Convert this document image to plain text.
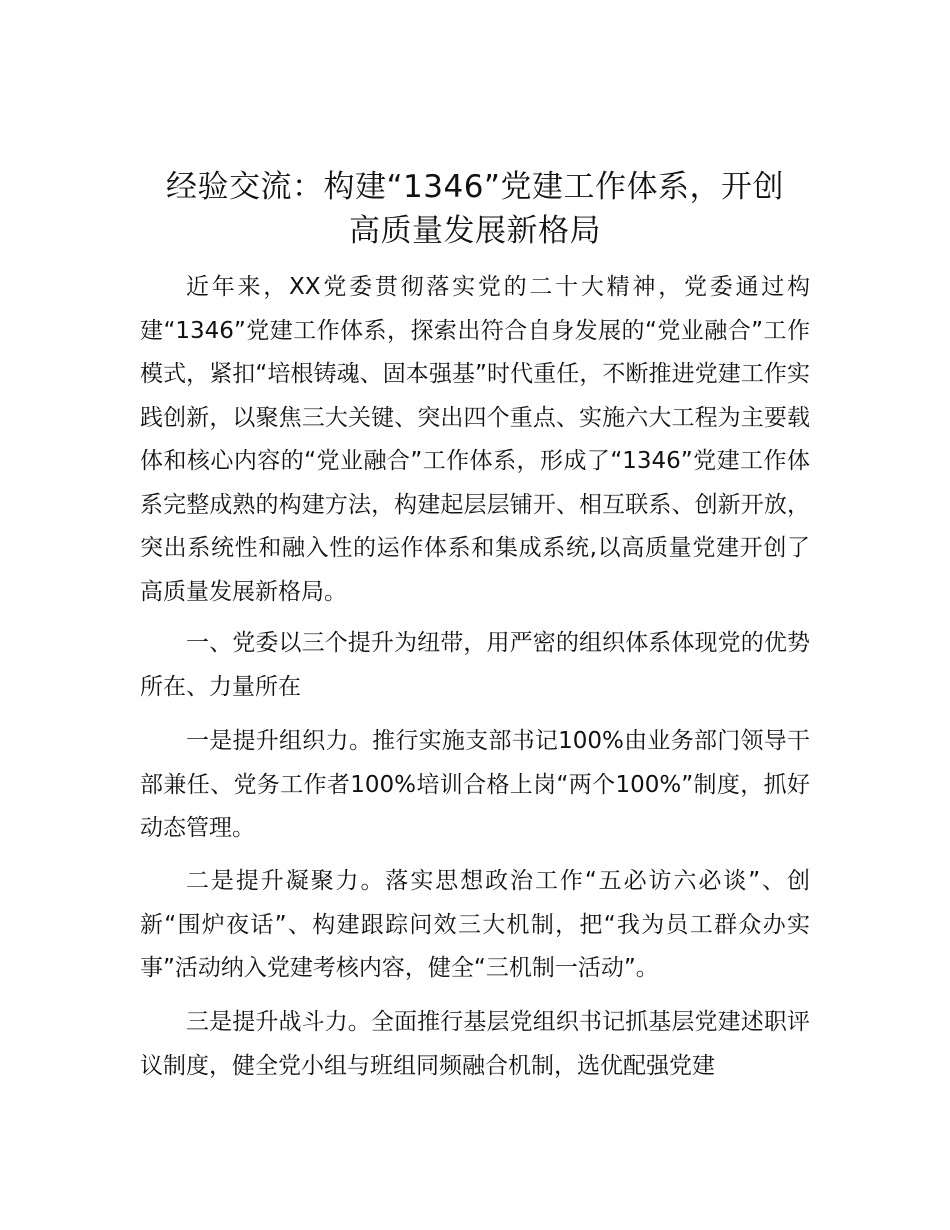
经验交流：构建“1346”党建工作体系，开创
高质量发展新格局

近年来，XX党委贯彻落实党的二十大精神，党委通过构建“1346”党建工作体系，探索出符合自身发展的“党业融合”工作模式，紧扣“培根铸魂、固本强基”时代重任，不断推进党建工作实践创新，以聚焦三大关键、突出四个重点、实施六大工程为主要载体和核心内容的“党业融合”工作体系，形成了“1346”党建工作体系完整成熟的构建方法，构建起层层铺开、相互联系、创新开放，突出系统性和融入性的运作体系和集成系统,以高质量党建开创了高质量发展新格局。

一、党委以三个提升为纽带，用严密的组织体系体现党的优势所在、力量所在

一是提升组织力。推行实施支部书记100%由业务部门领导干部兼任、党务工作者100%培训合格上岗“两个100%”制度，抓好动态管理。

二是提升凝聚力。落实思想政治工作“五必访六必谈”、创新“围炉夜话”、构建跟踪问效三大机制，把“我为员工群众办实事”活动纳入党建考核内容，健全“三机制一活动”。

三是提升战斗力。全面推行基层党组织书记抓基层党建述职评议制度，健全党小组与班组同频融合机制，选优配强党建
